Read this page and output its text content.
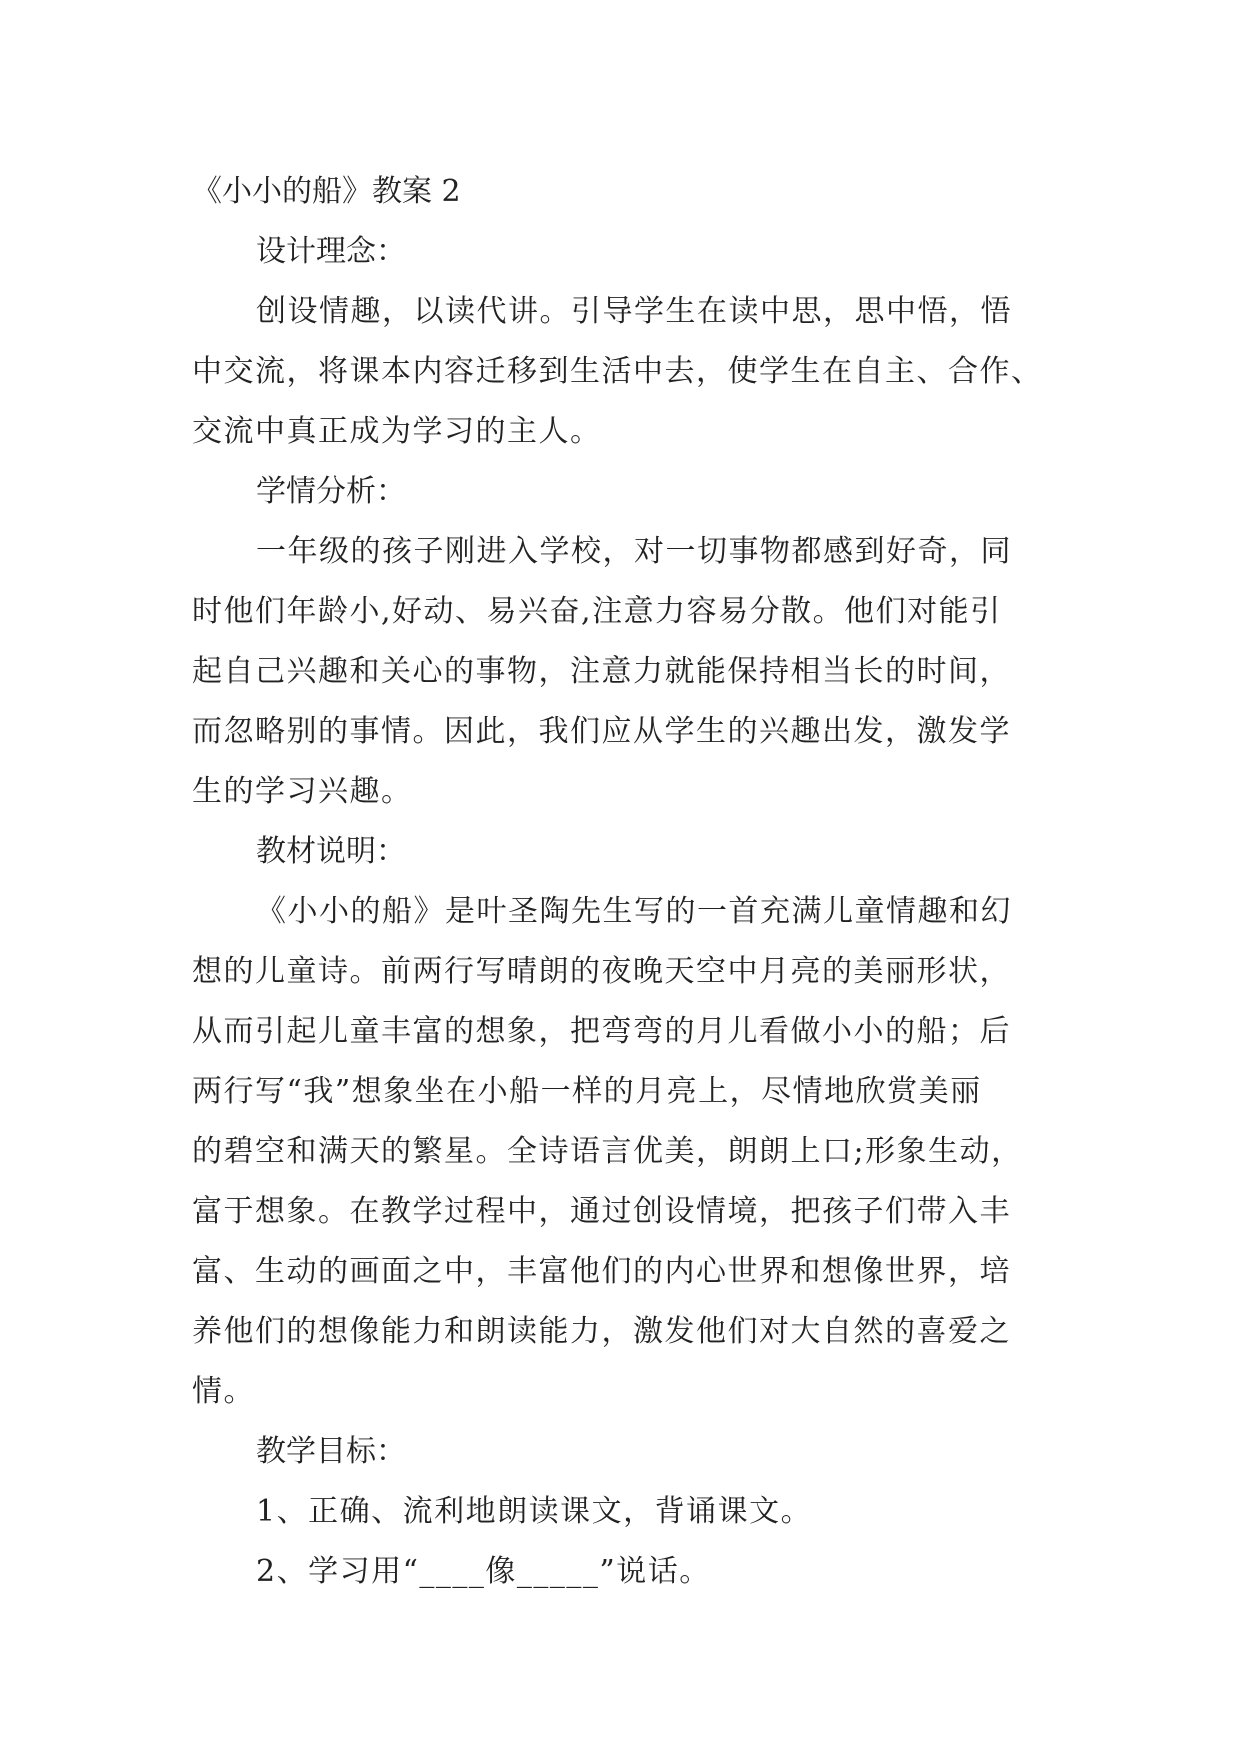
《小小的船》教案 2
设计理念：

创设情趣，以读代讲。引导学生在读中思，思中悟，悟
中交流，将课本内容迁移到生活中去，使学生在自主、合作、
交流中真正成为学习的主人。

学情分析：

一年级的孩子刚进入学校，对一切事物都感到好奇，同
时他们年龄小,好动、易兴奋,注意力容易分散。他们对能引
起自己兴趣和关心的事物，注意力就能保持相当长的时间，
而忽略别的事情。因此，我们应从学生的兴趣出发，激发学
生的学习兴趣。

教材说明：

《小小的船》是叶圣陶先生写的一首充满儿童情趣和幻
想的儿童诗。前两行写晴朗的夜晚天空中月亮的美丽形状，
从而引起儿童丰富的想象，把弯弯的月儿看做小小的船；后
两行写“我”想象坐在小船一样的月亮上，尽情地欣赏美丽
的碧空和满天的繁星。全诗语言优美，朗朗上口;形象生动，
富于想象。在教学过程中，通过创设情境，把孩子们带入丰
富、生动的画面之中，丰富他们的内心世界和想像世界，培
养他们的想像能力和朗读能力，激发他们对大自然的喜爱之
情。

教学目标：

1、正确、流利地朗读课文，背诵课文。

2、学习用“____像_____”说话。
